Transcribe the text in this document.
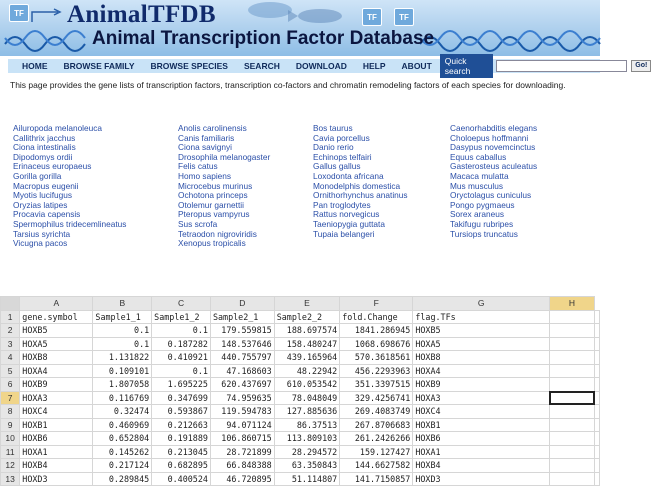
TF	TF	TF
AnimalTFDB
Animal Transcription Factor Database
HOME	BROWSE FAMILY	BROWSE SPECIES	SEARCH	DOWNLOAD	HELP	ABOUT	Quick search
Go!
This page provides the gene lists of transcription factors, transcription co-factors and chromatin remodeling factors of each species for downloading.
Ailuropoda melanoleuca
Callithrix jacchus
Ciona intestinalis
Dipodomys ordii
Erinaceus europaeus
Gorilla gorilla
Macropus eugenii
Myotis lucifugus
Oryzias latipes
Procavia capensis
Spermophilus tridecemlineatus
Tarsius syrichta
Vicugna pacos
Anolis carolinensis
Canis familiaris
Ciona savignyi
Drosophila melanogaster
Felis catus
Homo sapiens
Microcebus murinus
Ochotona princeps
Otolemur garnettii
Pteropus vampyrus
Sus scrofa
Tetraodon nigroviridis
Xenopus tropicalis
Bos taurus
Cavia porcellus
Danio rerio
Echinops telfairi
Gallus gallus
Loxodonta africana
Monodelphis domestica
Ornithorhynchus anatinus
Pan troglodytes
Rattus norvegicus
Taeniopygia guttata
Tupaia belangeri
Caenorhabditis elegans
Choloepus hoffmanni
Dasypus novemcinctus
Equus caballus
Gasterosteus aculeatus
Macaca mulatta
Mus musculus
Oryctolagus cuniculus
Pongo pygmaeus
Sorex araneus
Takifugu rubripes
Tursiops truncatus
	A	B	C	D	E	F	G	H	
1	gene.symbol	Sample1_1	Sample1_2	Sample2_1	Sample2_2	fold.Change	flag.TFs		
2	HOXB5	0.1	0.1	179.559815	188.697574	1841.286945	HOXB5		
3	HOXA5	0.1	0.187282	148.537646	158.480247	1068.698676	HOXA5		
4	HOXB8	1.131822	0.410921	440.755797	439.165964	570.3618561	HOXB8		
5	HOXA4	0.109101	0.1	47.168603	48.22942	456.2293963	HOXA4		
6	HOXB9	1.807058	1.695225	620.437697	610.053542	351.3397515	HOXB9		
7	HOXA3	0.116769	0.347699	74.959635	78.048049	329.4256741	HOXA3		
8	HOXC4	0.32474	0.593867	119.594783	127.885636	269.4083749	HOXC4		
9	HOXB1	0.460969	0.212663	94.071124	86.37513	267.8706683	HOXB1		
10	HOXB6	0.652804	0.191889	106.860715	113.809103	261.2426266	HOXB6		
11	HOXA1	0.145262	0.213045	28.721899	28.294572	159.127427	HOXA1		
12	HOXB4	0.217124	0.682895	66.848388	63.350843	144.6627582	HOXB4		
13	HOXD3	0.289845	0.400524	46.720895	51.114807	141.7150857	HOXD3		
